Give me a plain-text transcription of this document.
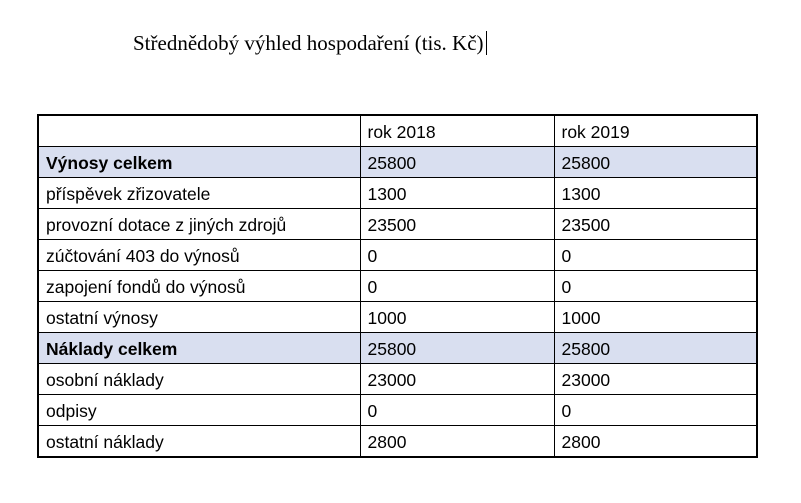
Střednědobý výhled hospodaření (tis. Kč)
	rok 2018	rok 2019
Výnosy celkem	25800	25800
příspěvek zřizovatele	1300	1300
provozní dotace z jiných zdrojů	23500	23500
zúčtování 403 do výnosů	0	0
zapojení fondů do výnosů	0	0
ostatní výnosy	1000	1000
Náklady celkem	25800	25800
osobní náklady	23000	23000
odpisy	0	0
ostatní náklady	2800	2800
